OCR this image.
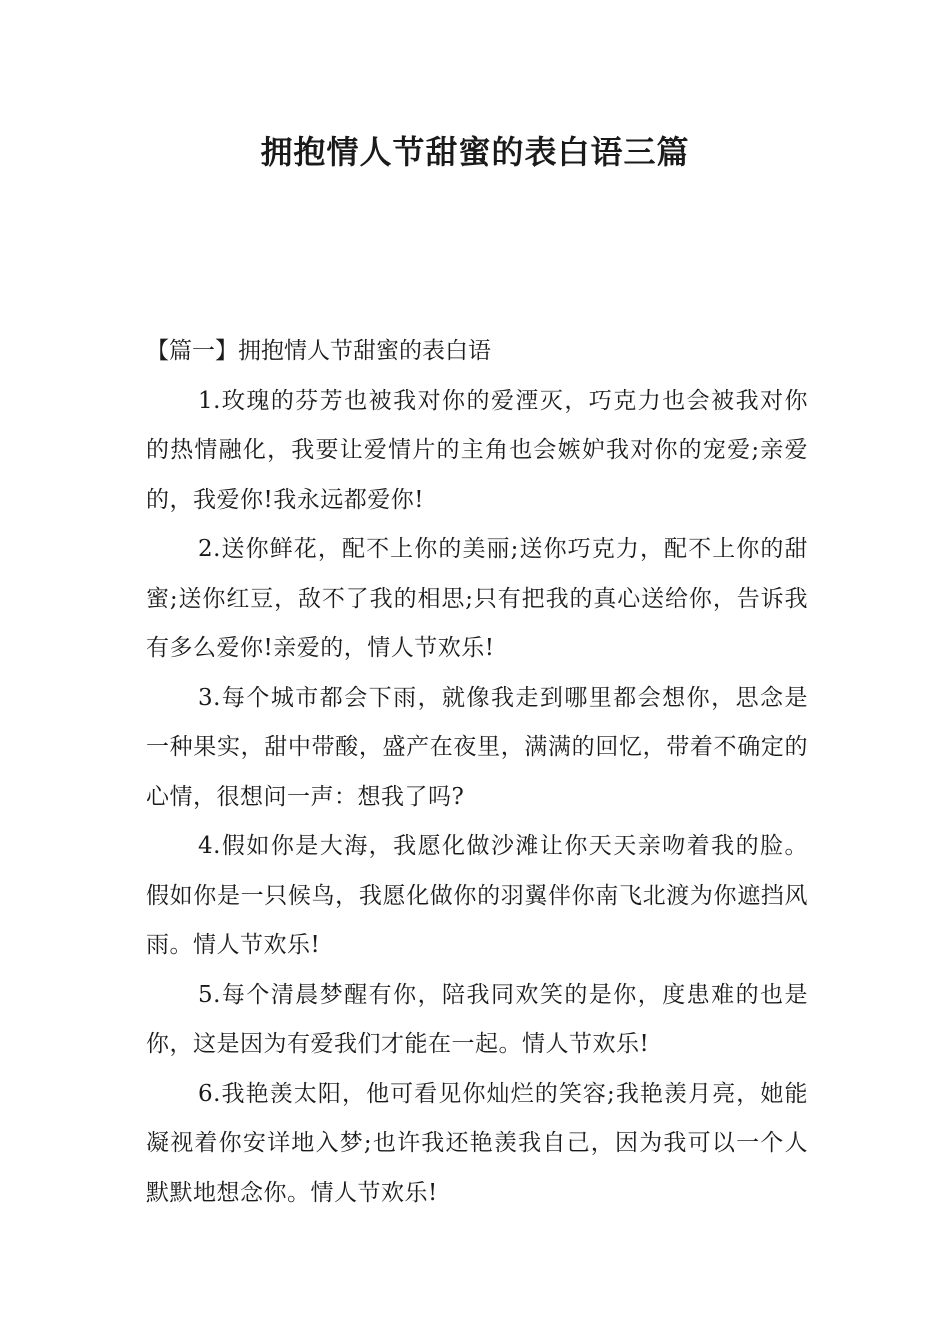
拥抱情人节甜蜜的表白语三篇
【篇一】拥抱情人节甜蜜的表白语

1.玫瑰的芬芳也被我对你的爱湮灭，巧克力也会被我对你的热情融化，我要让爱情片的主角也会嫉妒我对你的宠爱;亲爱的，我爱你!我永远都爱你!

2.送你鲜花，配不上你的美丽;送你巧克力，配不上你的甜蜜;送你红豆，敌不了我的相思;只有把我的真心送给你，告诉我有多么爱你!亲爱的，情人节欢乐!

3.每个城市都会下雨，就像我走到哪里都会想你，思念是一种果实，甜中带酸，盛产在夜里，满满的回忆，带着不确定的心情，很想问一声：想我了吗?

4.假如你是大海，我愿化做沙滩让你天天亲吻着我的脸。假如你是一只候鸟，我愿化做你的羽翼伴你南飞北渡为你遮挡风雨。情人节欢乐!

5.每个清晨梦醒有你，陪我同欢笑的是你，度患难的也是你，这是因为有爱我们才能在一起。情人节欢乐!

6.我艳羡太阳，他可看见你灿烂的笑容;我艳羡月亮，她能凝视着你安详地入梦;也许我还艳羡我自己，因为我可以一个人默默地想念你。情人节欢乐!
